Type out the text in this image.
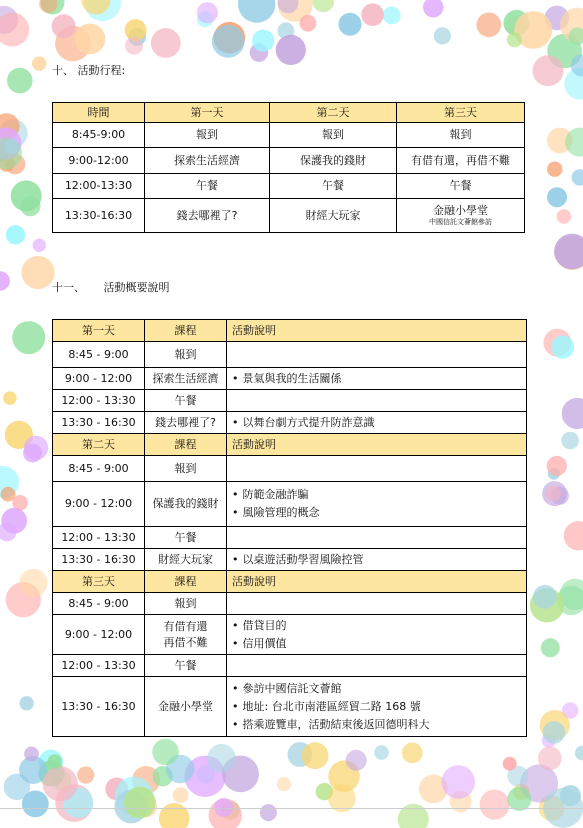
十、 活動行程:
時間	第一天	第二天	第三天

8:45-9:00	報到	報到	報到

9:00-12:00	探索生活經濟	保護我的錢財	有借有還，再借不難

12:00-13:30	午餐	午餐	午餐

13:30-16:30	錢去哪裡了?	財經大玩家	金融小學堂
中國信託文薈館參訪
十一、 活動概要說明
第一天	課程	活動說明
8:45 - 9:00	報到	

9:00 - 12:00	探索生活經濟	• 景氣與我的生活關係

12:00 - 13:30	午餐	

13:30 - 16:30	錢去哪裡了?	• 以舞台劇方式提升防詐意識

第二天	課程	活動說明
8:45 - 9:00	報到	

9:00 - 12:00	保護我的錢財	• 防範金融詐騙
• 風險管理的概念

12:00 - 13:30	午餐	

13:30 - 16:30	財經大玩家	• 以桌遊活動學習風險控管

第三天	課程	活動說明
8:45 - 9:00	報到	

9:00 - 12:00	有借有還
再借不難	• 借貸目的
• 信用價值

12:00 - 13:30	午餐	

13:30 - 16:30	金融小學堂	• 參訪中國信託文薈館
• 地址: 台北市南港區經貿二路 168 號
• 搭乘遊覽車，活動結束後返回德明科大
